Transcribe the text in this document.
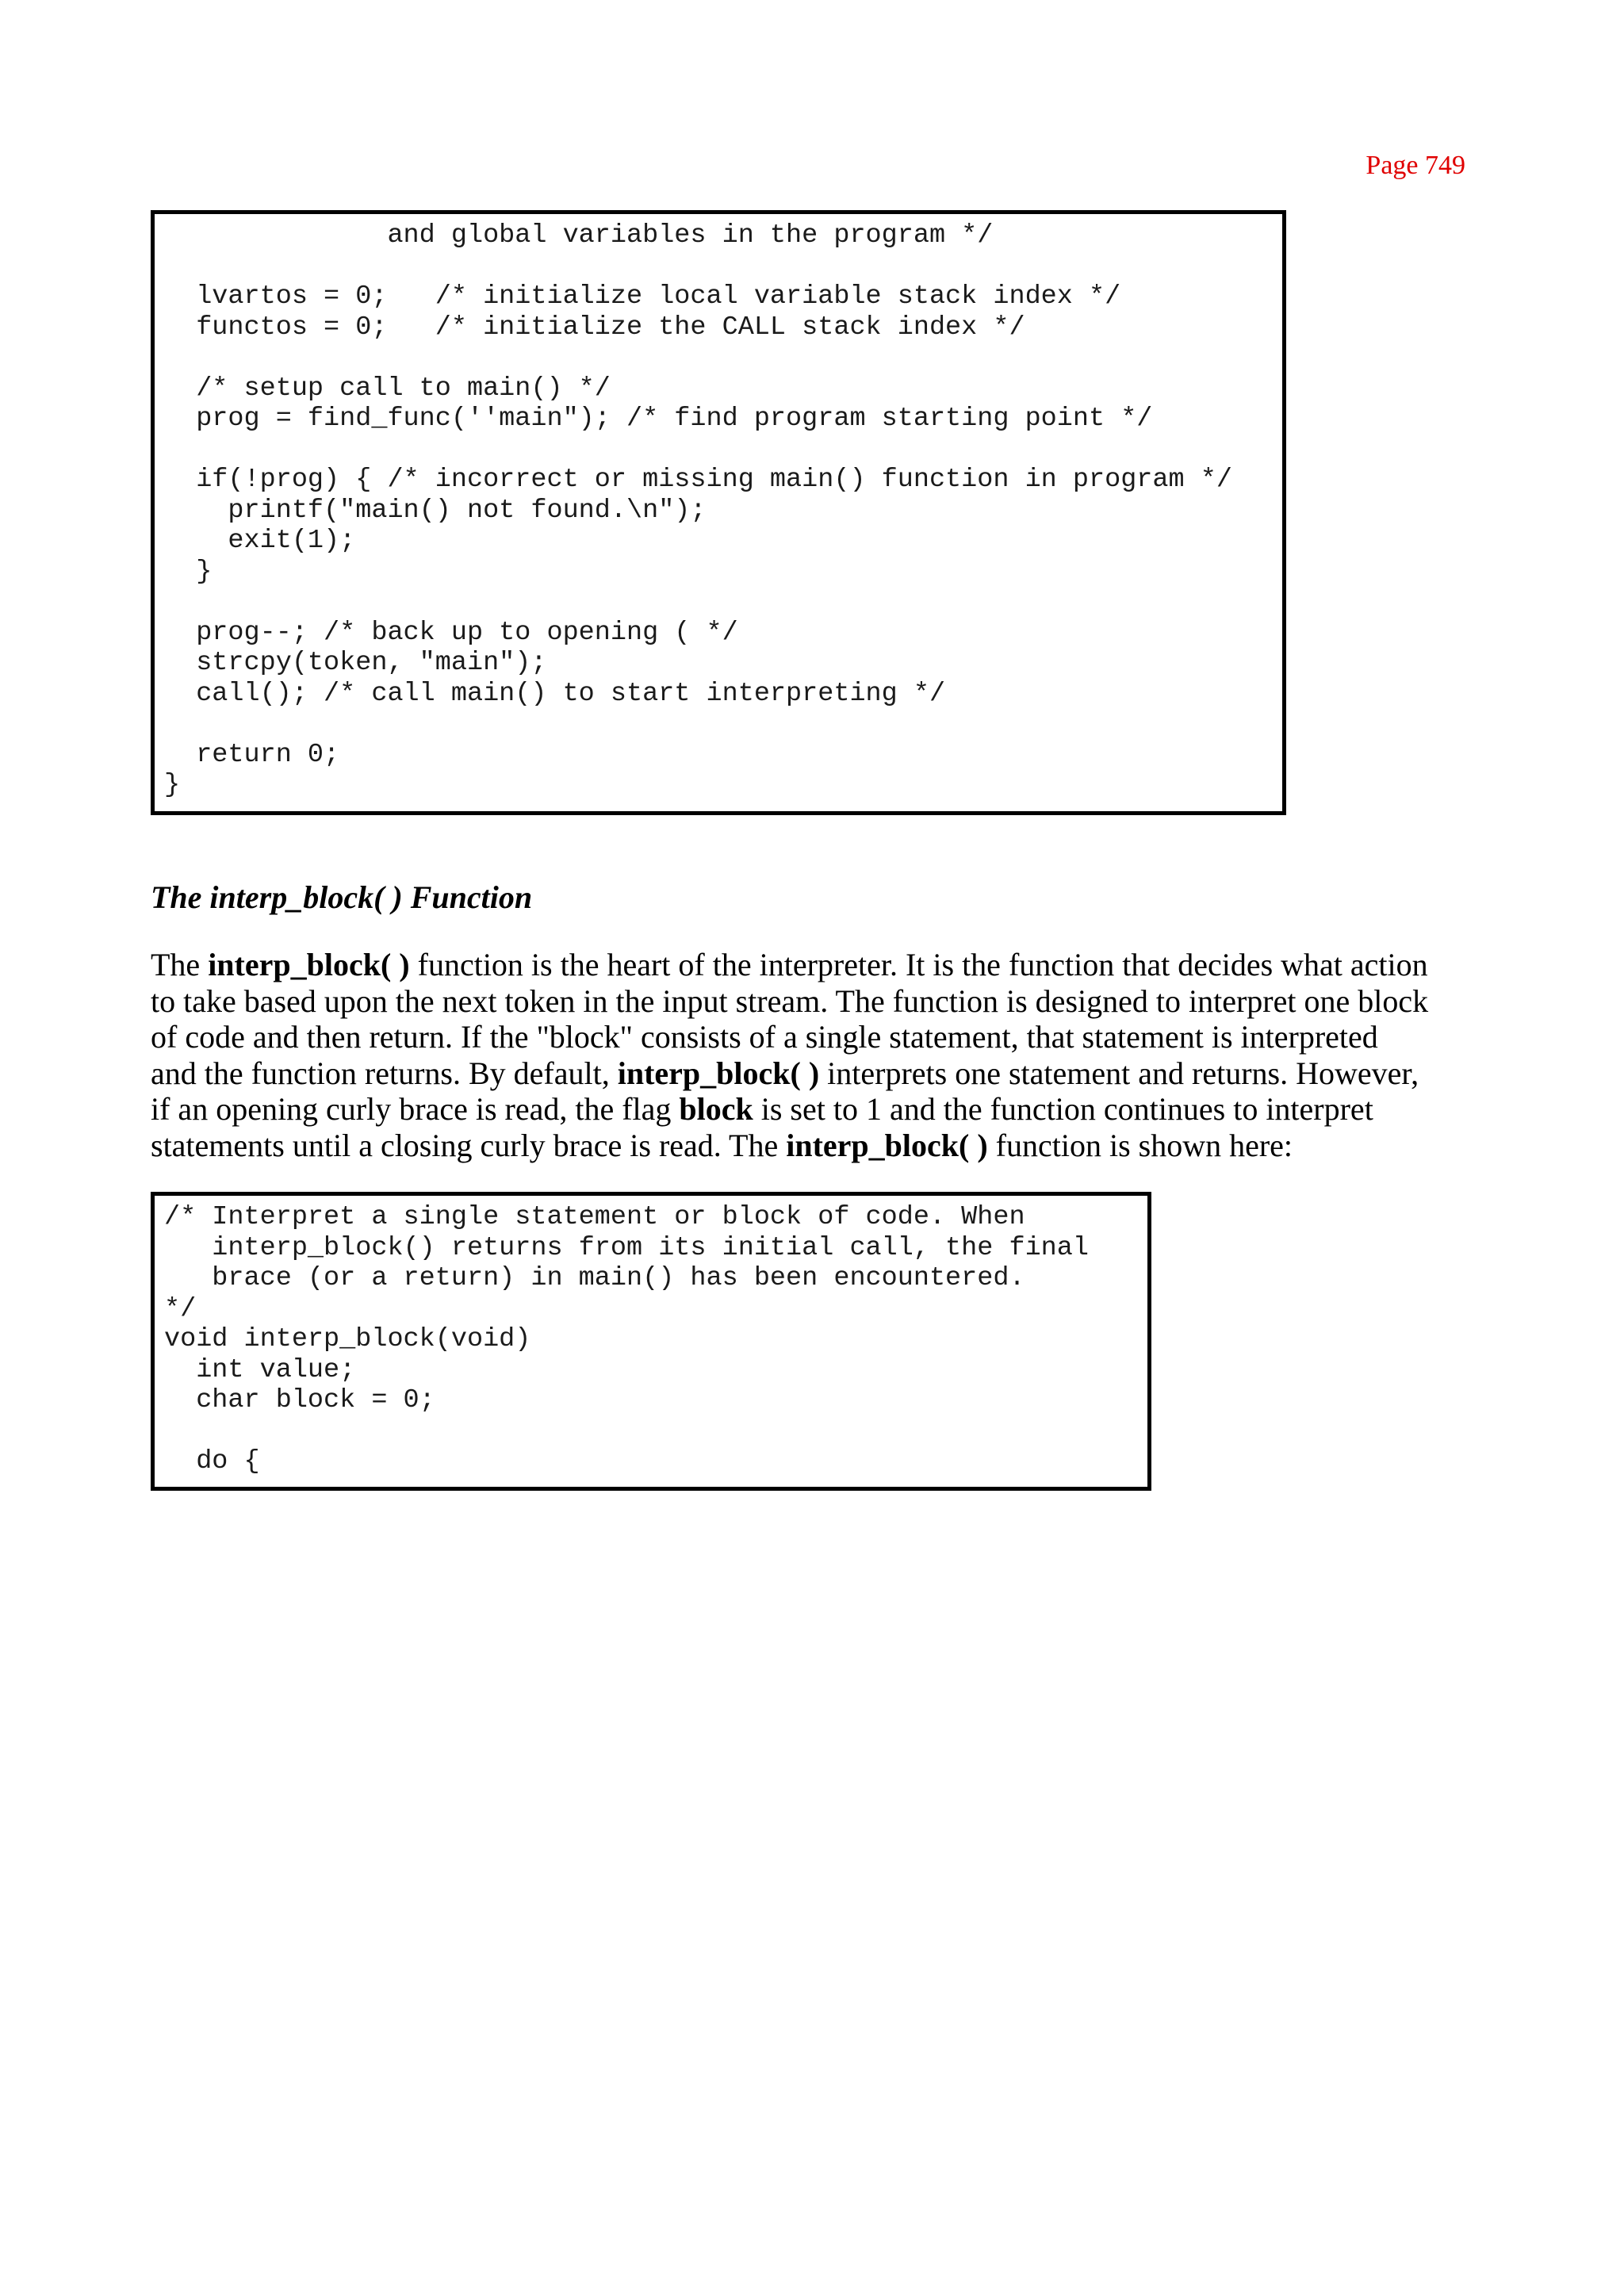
Page 749
and global variables in the program */
lvartos = 0;   /* initialize local variable stack index */
functos = 0;   /* initialize the CALL stack index */
/* setup call to main() */
prog = find_func(''main"); /* find program starting point */
if(!prog) { /* incorrect or missing main() function in program */
printf("main() not found.\n");
exit(1);
}
prog--; /* back up to opening ( */
strcpy(token, "main");
call(); /* call main() to start interpreting */
return 0;
}
The interp_block( ) Function
The interp_block( ) function is the heart of the interpreter. It is the function that decides what action
to take based upon the next token in the input stream. The function is designed to interpret one block
of code and then return. If the "block" consists of a single statement, that statement is interpreted
and the function returns. By default, interp_block( ) interprets one statement and returns. However,
if an opening curly brace is read, the flag block is set to 1 and the function continues to interpret
statements until a closing curly brace is read. The interp_block( ) function is shown here:
/* Interpret a single statement or block of code. When
interp_block() returns from its initial call, the final
brace (or a return) in main() has been encountered.
*/
void interp_block(void)
int value;
char block = 0;
do {
